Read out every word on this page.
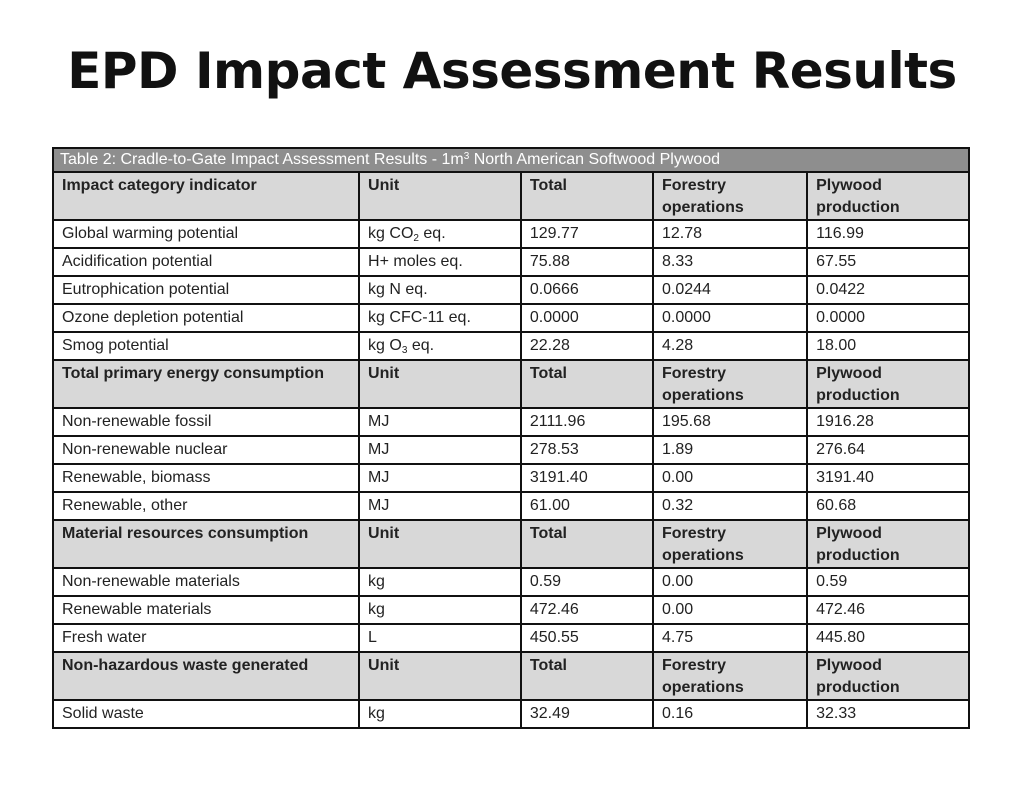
EPD Impact Assessment Results
Table 2: Cradle-to-Gate Impact Assessment Results - $1m^3$ North American Softwood Plywood				
Impact category indicator	Unit	Total	Forestry operations	Plywood production
Global warming potential	kg $CO_2$ eq.	129.77	12.78	116.99
Acidification potential	H+ moles eq.	75.88	8.33	67.55
Eutrophication potential	kg N eq.	0.0666	0.0244	0.0422
Ozone depletion potential	kg CFC-11 eq.	0.0000	0.0000	0.0000
Smog potential	kg $O_3$ eq.	22.28	4.28	18.00
Total primary energy consumption	Unit	Total	Forestry operations	Plywood production
Non-renewable fossil	MJ	2111.96	195.68	1916.28
Non-renewable nuclear	MJ	278.53	1.89	276.64
Renewable, biomass	MJ	3191.40	0.00	3191.40
Renewable, other	MJ	61.00	0.32	60.68
Material resources consumption	Unit	Total	Forestry operations	Plywood production
Non-renewable materials	kg	0.59	0.00	0.59
Renewable materials	kg	472.46	0.00	472.46
Fresh water	L	450.55	4.75	445.80
Non-hazardous waste generated	Unit	Total	Forestry operations	Plywood production
Solid waste	kg	32.49	0.16	32.33
